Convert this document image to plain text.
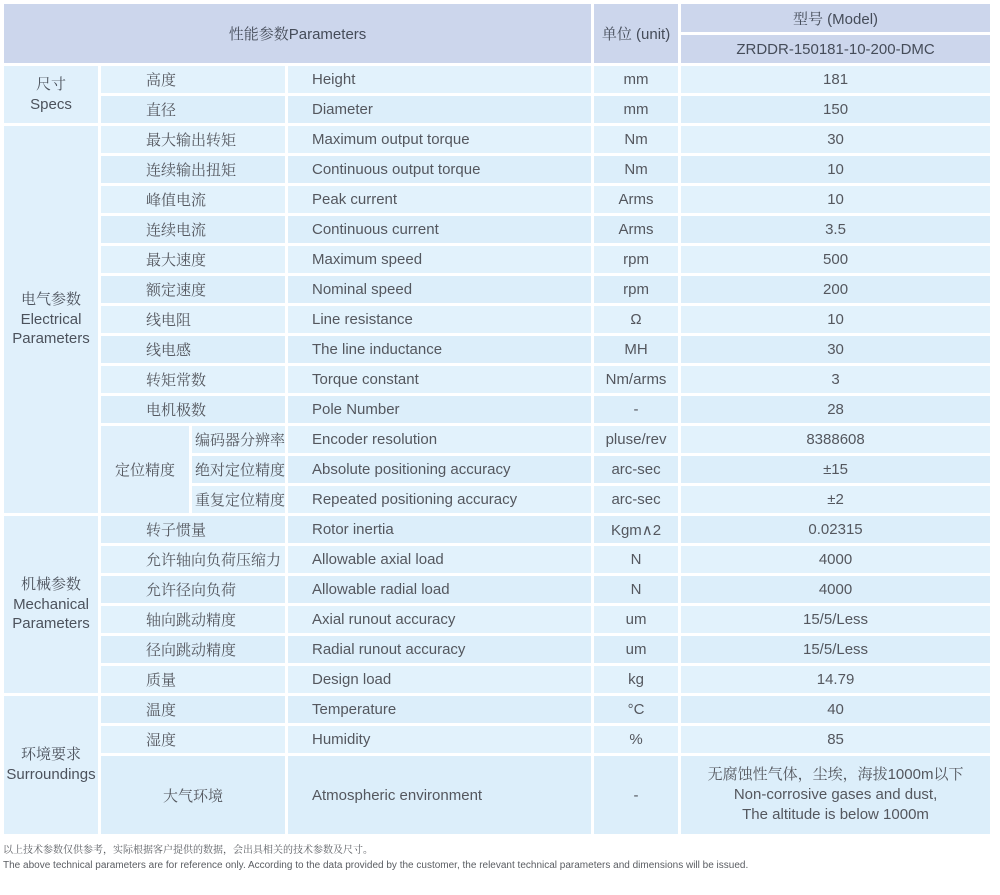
性能参数Parameters				单位 (unit)	型号 (Model)
					ZRDDR-150181-10-200-DMC

尺寸
Specs	高度		Height	mm	181
	直径		Diameter	mm	150

电气参数
Electrical Parameters	最大输出转矩		Maximum output torque	Nm	30
	连续输出扭矩		Continuous output torque	Nm	10
	峰值电流		Peak current	Arms	10
	连续电流		Continuous current	Arms	3.5
	最大速度		Maximum speed	rpm	500
	额定速度		Nominal speed	rpm	200
	线电阻		Line resistance	Ω	10
	线电感		The line inductance	MH	30
	转矩常数		Torque constant	Nm/arms	3
	电机极数		Pole Number	-	28
	定位精度	编码器分辨率	Encoder resolution	pluse/rev	8388608
		绝对定位精度	Absolute positioning accuracy	arc-sec	±15
		重复定位精度	Repeated positioning accuracy	arc-sec	±2

机械参数
Mechanical Parameters	转子惯量		Rotor inertia	Kgm∧2	0.02315
	允许轴向负荷压缩力		Allowable axial load	N	4000
	允许径向负荷		Allowable radial load	N	4000
	轴向跳动精度		Axial runout accuracy	um	15/5/Less
	径向跳动精度		Radial runout accuracy	um	15/5/Less
	质量		Design load	kg	14.79

环境要求
Surroundings	温度		Temperature	°C	40
	湿度		Humidity	%	85
	大气环境		Atmospheric environment	-	无腐蚀性气体，尘埃，海拔1000m以下
Non-corrosive gases and dust,
The altitude is below 1000m
以上技术参数仅供参考，实际根据客户提供的数据，会出具相关的技术参数及尺寸。
The above technical parameters are for reference only. According to the data provided by the customer, the relevant technical parameters and dimensions will be issued.
